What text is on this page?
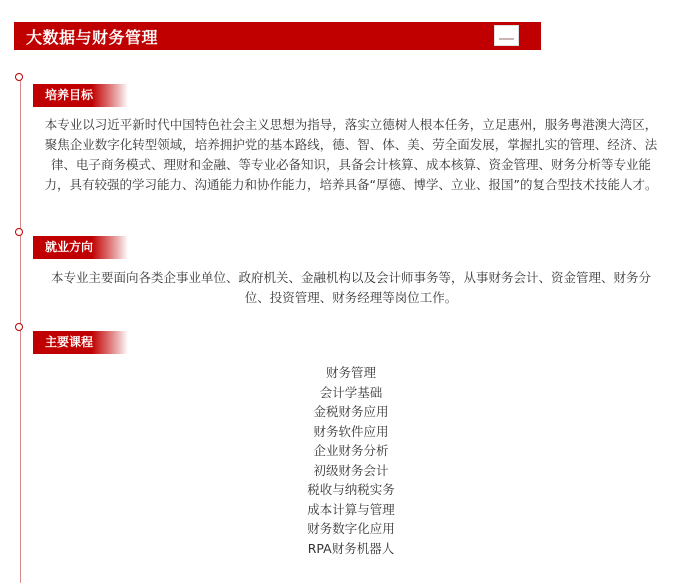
大数据与财务管理
培养目标
本专业以习近平新时代中国特色社会主义思想为指导，落实立德树人根本任务，立足惠州，服务粤港澳大湾区，聚焦企业数字化转型领域，培养拥护党的基本路线，德、智、体、美、劳全面发展，掌握扎实的管理、经济、法律、电子商务模式、理财和金融、等专业必备知识，具备会计核算、成本核算、资金管理、财务分析等专业能力，具有较强的学习能力、沟通能力和协作能力，培养具备“厚德、博学、立业、报国”的复合型技术技能人才。
就业方向
本专业主要面向各类企事业单位、政府机关、金融机构以及会计师事务等，从事财务会计、资金管理、财务分位、投资管理、财务经理等岗位工作。
主要课程
财务管理
会计学基础
金税财务应用
财务软件应用
企业财务分析
初级财务会计
税收与纳税实务
成本计算与管理
财务数字化应用
RPA财务机器人
